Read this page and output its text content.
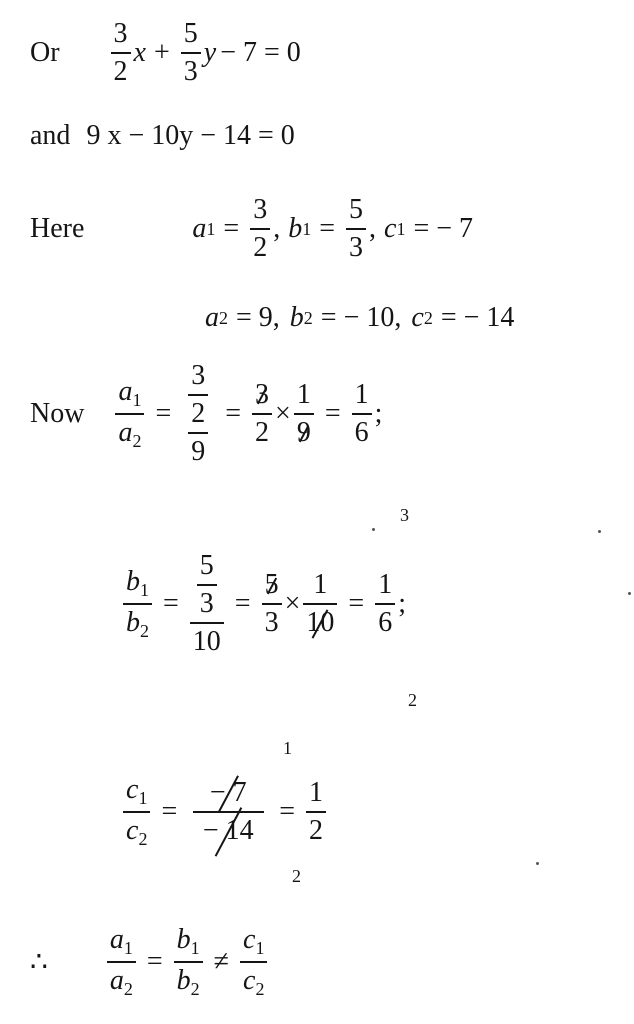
Or $\frac{3}{2}$ $x + \frac{5}{3}$ y − 7 = 0
and 9 x − 10y − 14 = 0
Here	a $1 = \frac{3}{2}$ , b $1 = \frac{5}{3}$ , c 1 = − 7
a 2 = 9, b 2 = − 10, c 2 = − 14
Now $\frac{a_1}{a_2} = \frac{\frac{3}{2}}{9} = \frac{3}{2} \times \frac{1}{9} = \frac{1}{6}$ ;
3
$\frac{b_1}{b_2} = \frac{\frac{5}{3}}{10} = \frac{5}{3} \times \frac{1}{10} = \frac{1}{6}$ ;
2
1
$\frac{c_1}{c_2} = \frac{- 7}{- 14} = \frac{1}{2}$
2
∴ $\frac{a_1}{a_2} = \frac{b_1}{b_2} \ne \frac{c_1}{c_2}$
